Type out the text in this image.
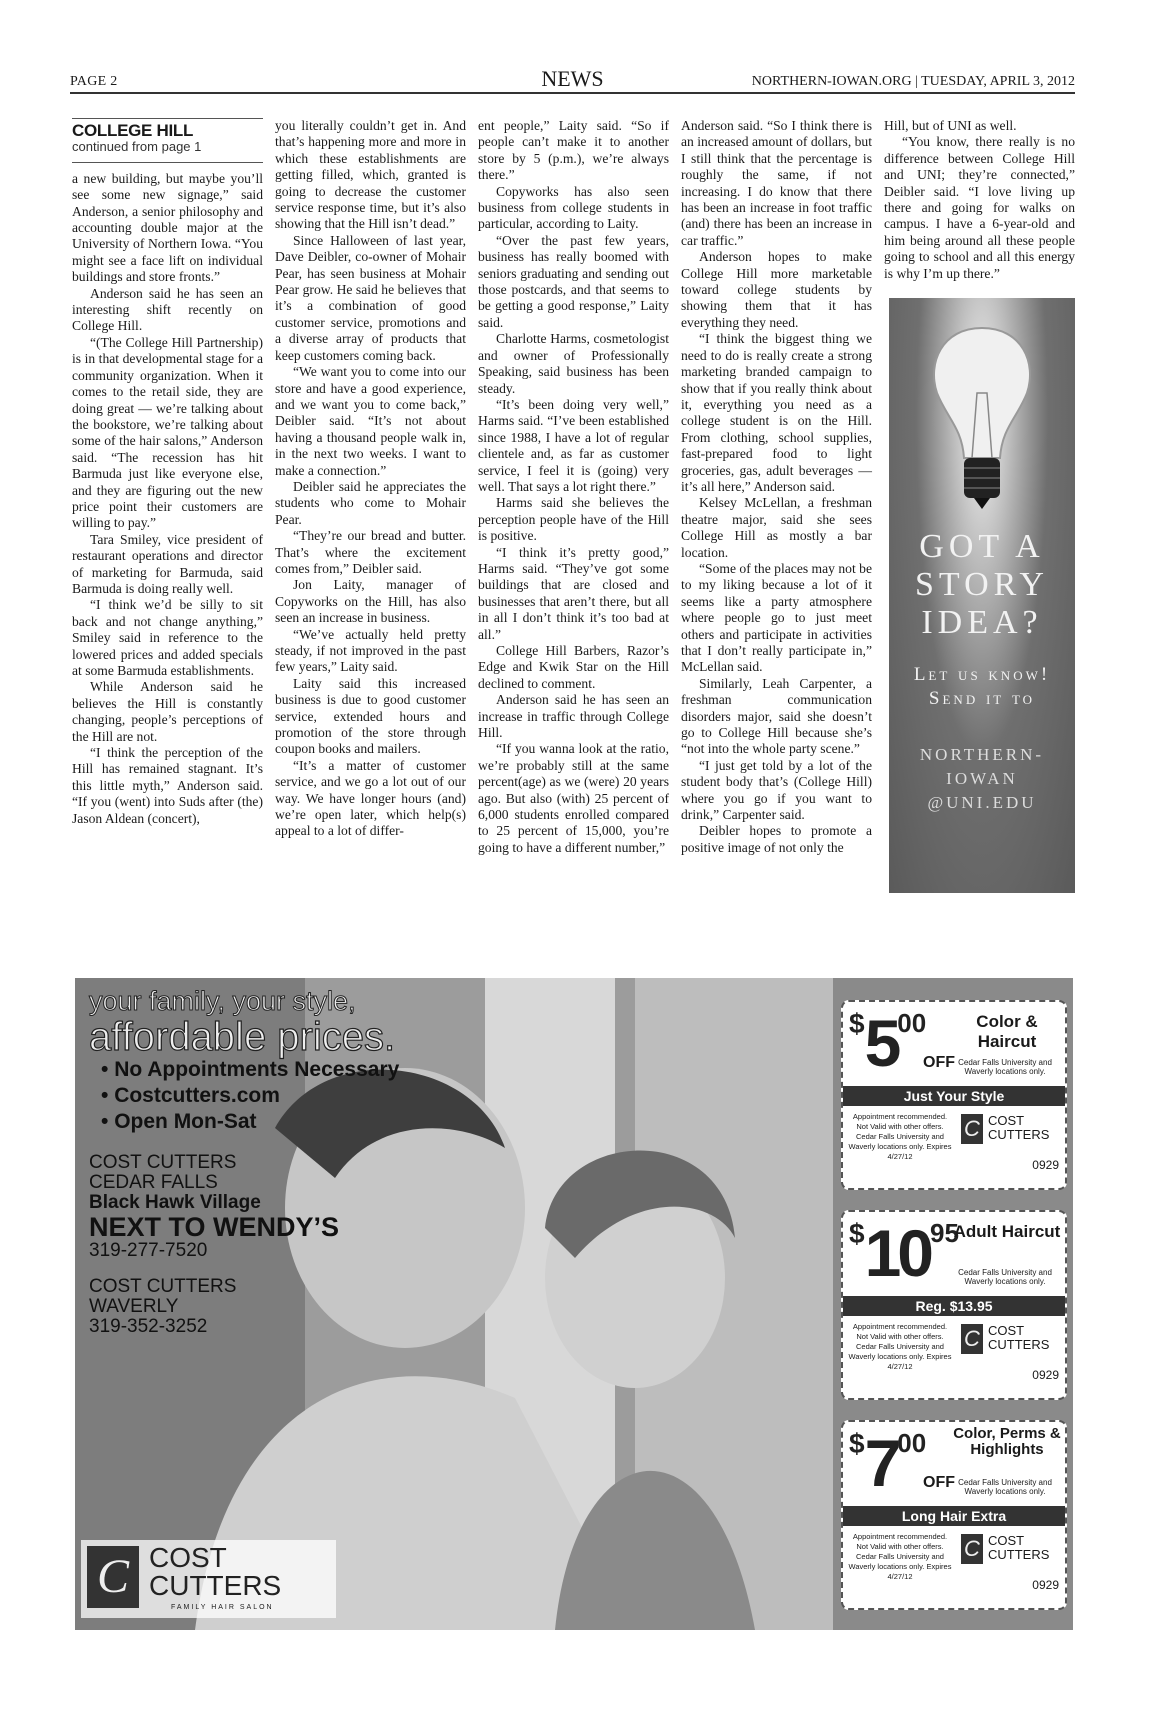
PAGE 2	NEWS	NORTHERN-IOWAN.ORG | TUESDAY, APRIL 3, 2012
COLLEGE HILL
continued from page 1

a new building, but maybe you’ll see some new signage,” said Anderson, a senior philosophy and accounting double major at the University of Northern Iowa. “You might see a face lift on individual buildings and store fronts.”

Anderson said he has seen an interesting shift recently on College Hill.

“(The College Hill Partnership) is in that developmental stage for a community organization. When it comes to the retail side, they are doing great — we’re talking about the bookstore, we’re talking about some of the hair salons,” Anderson said. “The recession has hit Barmuda just like everyone else, and they are figuring out the new price point their customers are willing to pay.”

Tara Smiley, vice president of restaurant operations and director of marketing for Barmuda, said Barmuda is doing really well.

“I think we’d be silly to sit back and not change anything,” Smiley said in reference to the lowered prices and added specials at some Barmuda establishments.

While Anderson said he believes the Hill is constantly changing, people’s perceptions of the Hill are not.

“I think the perception of the Hill has remained stagnant. It’s this little myth,” Anderson said. “If you (went) into Suds after (the) Jason Aldean (concert),

you literally couldn’t get in. And that’s happening more and more in which these establishments are getting filled, which, granted is going to decrease the customer service response time, but it’s also showing that the Hill isn’t dead.”

Since Halloween of last year, Dave Deibler, co-owner of Mohair Pear, has seen business at Mohair Pear grow. He said he believes that it’s a combination of good customer service, promotions and a diverse array of products that keep customers coming back.

“We want you to come into our store and have a good experience, and we want you to come back,” Deibler said. “It’s not about having a thousand people walk in, in the next two weeks. I want to make a connection.”

Deibler said he appreciates the students who come to Mohair Pear.

“They’re our bread and butter. That’s where the excitement comes from,” Deibler said.

Jon Laity, manager of Copyworks on the Hill, has also seen an increase in business.

“We’ve actually held pretty steady, if not improved in the past few years,” Laity said.

Laity said this increased business is due to good customer service, extended hours and promotion of the store through coupon books and mailers.

“It’s a matter of customer service, and we go a lot out of our way. We have longer hours (and) we’re open later, which help(s) appeal to a lot of differ-

ent people,” Laity said. “So if people can’t make it to another store by 5 (p.m.), we’re always there.”

Copyworks has also seen business from college students in particular, according to Laity.

“Over the past few years, business has really boomed with seniors graduating and sending out those postcards, and that seems to be getting a good response,” Laity said.

Charlotte Harms, cosmetologist and owner of Professionally Speaking, said business has been steady.

“It’s been doing very well,” Harms said. “I’ve been established since 1988, I have a lot of regular clientele and, as far as customer service, I feel it is (going) very well. That says a lot right there.”

Harms said she believes the perception people have of the Hill is positive.

“I think it’s pretty good,” Harms said. “They’ve got some buildings that are closed and businesses that aren’t there, but all in all I don’t think it’s too bad at all.”

College Hill Barbers, Razor’s Edge and Kwik Star on the Hill declined to comment.

Anderson said he has seen an increase in traffic through College Hill.

“If you wanna look at the ratio, we’re probably still at the same percent(age) as we (were) 20 years ago. But also (with) 25 percent of 6,000 students enrolled compared to 25 percent of 15,000, you’re going to have a different number,”

Anderson said. “So I think there is an increased amount of dollars, but I still think that the percentage is roughly the same, if not increasing. I do know that there has been an increase in foot traffic (and) there has been an increase in car traffic.”

Anderson hopes to make College Hill more marketable toward college students by showing them that it has everything they need.

“I think the biggest thing we need to do is really create a strong marketing branded campaign to show that if you really think about it, everything you need as a college student is on the Hill. From clothing, school supplies, fast-prepared food to light groceries, gas, adult beverages — it’s all here,” Anderson said.

Kelsey McLellan, a freshman theatre major, said she sees College Hill as mostly a bar location.

“Some of the places may not be to my liking because a lot of it seems like a party atmosphere where people go to just meet others and participate in activities that I don’t really participate in,” McLellan said.

Similarly, Leah Carpenter, a freshman communication disorders major, said she doesn’t go to College Hill because she’s “not into the whole party scene.”

“I just get told by a lot of the student body that’s (College Hill) where you go if you want to drink,” Carpenter said.

Deibler hopes to promote a positive image of not only the

Hill, but of UNI as well.

“You know, there really is no difference between College Hill and UNI; they’re connected,” Deibler said. “I love living up there and going for walks on campus. I have a 6-year-old and him being around all these people going to school and all this energy is why I’m up there.”

GOT A STORY IDEA?
Let us know!
Send it to
NORTHERN-IOWAN @UNI.EDU
your family, your style,
affordable prices.
• No Appointments Necessary
• Costcutters.com
• Open Mon-Sat
COST CUTTERS
CEDAR FALLS
Black Hawk Village
NEXT TO WENDY’S
319-277-7520
COST CUTTERS
WAVERLY
319-352-3252
C COST
CUTTERS
FAMILY HAIR SALON
$500
OFF
Color & Haircut
Cedar Falls University and Waverly locations only.
Just Your Style
Appointment recommended. Not Valid with other offers. Cedar Falls University and Waverly locations only. Expires 4/27/12
C COST CUTTERS
0929
$1095
Adult Haircut
Cedar Falls University and Waverly locations only.
Reg. $13.95
Appointment recommended. Not Valid with other offers. Cedar Falls University and Waverly locations only. Expires 4/27/12
C COST CUTTERS
0929
$700
OFF
Color, Perms & Highlights
Cedar Falls University and Waverly locations only.
Long Hair Extra
Appointment recommended. Not Valid with other offers. Cedar Falls University and Waverly locations only. Expires 4/27/12
C COST CUTTERS
0929
